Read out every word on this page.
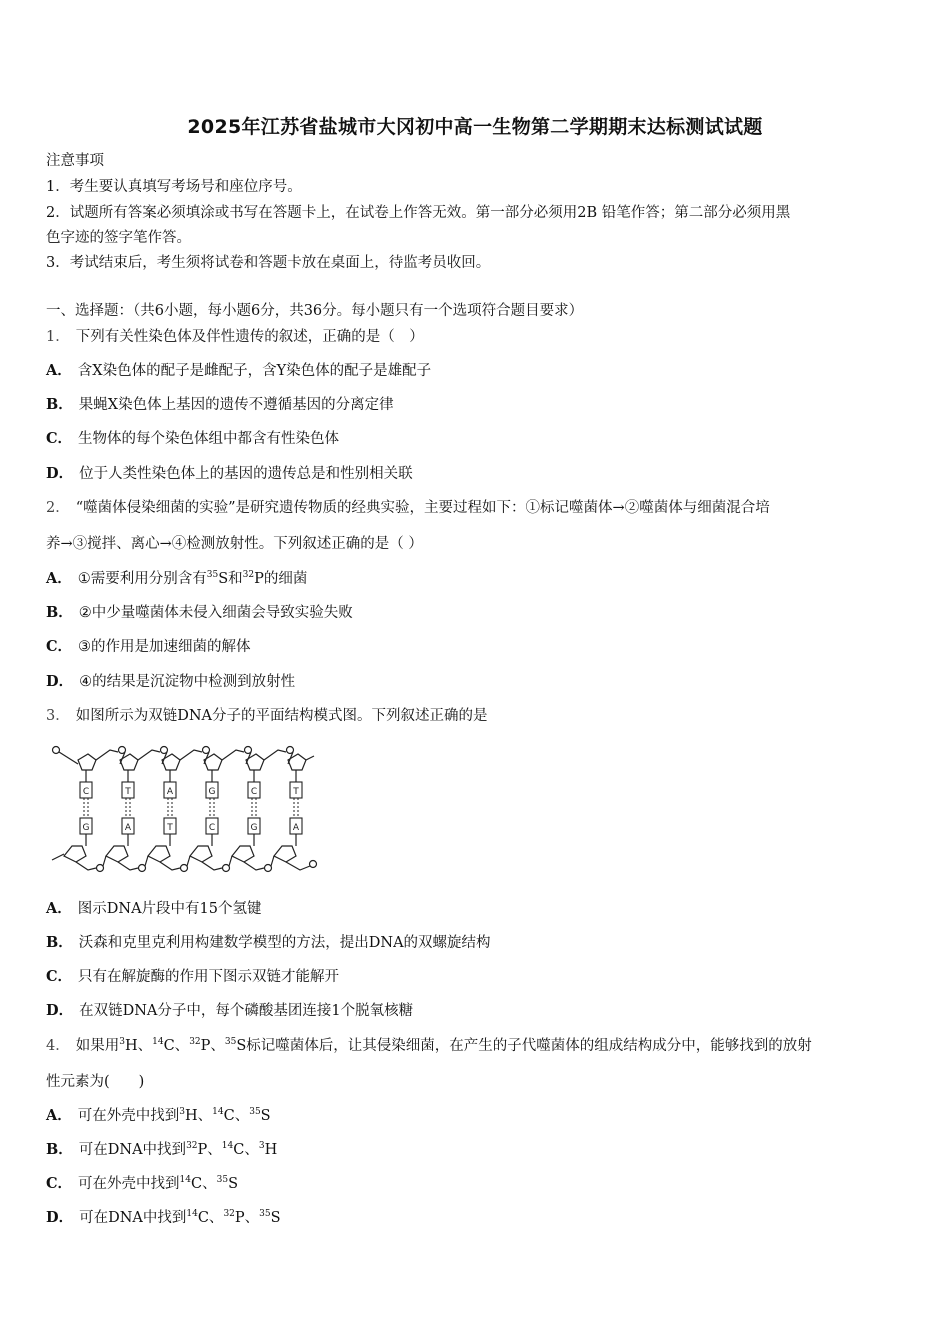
2025年江苏省盐城市大冈初中高一生物第二学期期末达标测试试题
注意事项
1．考生要认真填写考场号和座位序号。
2．试题所有答案必须填涂或书写在答题卡上，在试卷上作答无效。第一部分必须用2B 铅笔作答；第二部分必须用黑
色字迹的签字笔作答。
3．考试结束后，考生须将试卷和答题卡放在桌面上，待监考员收回。
一、选择题：（共6小题，每小题6分，共36分。每小题只有一个选项符合题目要求）
1． 下列有关性染色体及伴性遗传的叙述，正确的是（　）
A． 含X染色体的配子是雌配子，含Y染色体的配子是雄配子
B． 果蝇X染色体上基因的遗传不遵循基因的分离定律
C． 生物体的每个染色体组中都含有性染色体
D． 位于人类性染色体上的基因的遗传总是和性别相关联
2． “噬菌体侵染细菌的实验”是研究遗传物质的经典实验，主要过程如下：①标记噬菌体→②噬菌体与细菌混合培
养→③搅拌、离心→④检测放射性。下列叙述正确的是（ ）
A． ①需要利用分别含有$^{35}$S和$^{32}$P的细菌
B． ②中少量噬菌体未侵入细菌会导致实验失败
C． ③的作用是加速细菌的解体
D． ④的结果是沉淀物中检测到放射性
3． 如图所示为双链DNA分子的平面结构模式图。下列叙述正确的是
C	T	A	G	C	T
G	A	T	C	G	A
A． 图示DNA片段中有15个氢键
B． 沃森和克里克利用构建数学模型的方法，提出DNA的双螺旋结构
C． 只有在解旋酶的作用下图示双链才能解开
D． 在双链DNA分子中，每个磷酸基团连接1个脱氧核糖
4． 如果用$^3$H、$^{14}$C、$^{32}$P、$^{35}$S标记噬菌体后，让其侵染细菌，在产生的子代噬菌体的组成结构成分中，能够找到的放射
性元素为(　　)
A． 可在外壳中找到$^3$H、$^{14}$C、$^{35}$S
B． 可在DNA中找到$^{32}$P、$^{14}$C、$^3$H
C． 可在外壳中找到$^{14}$C、$^{35}$S
D． 可在DNA中找到$^{14}$C、$^{32}$P、$^{35}$S
